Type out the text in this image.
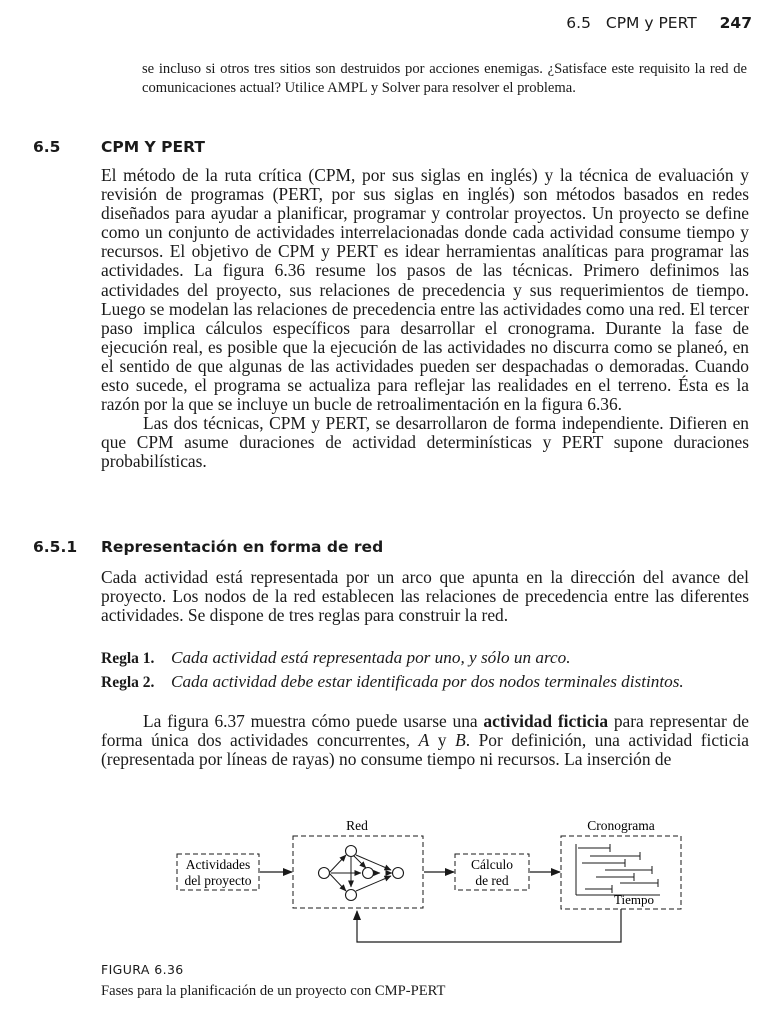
6.5 CPM y PERT 247
se incluso si otros tres sitios son destruidos por acciones enemigas. ¿Satisface este requisito la red de comunicaciones actual? Utilice AMPL y Solver para resolver el problema.
6.5	CPM Y PERT

El método de la ruta crítica (CPM, por sus siglas en inglés) y la técnica de evaluación y revisión de programas (PERT, por sus siglas en inglés) son métodos basados en redes diseñados para ayudar a planificar, programar y controlar proyectos. Un proyecto se define como un conjunto de actividades interrelacionadas donde cada actividad consume tiempo y recursos. El objetivo de CPM y PERT es idear herramientas analíticas para programar las actividades. La figura 6.36 resume los pasos de las técnicas. Primero definimos las actividades del proyecto, sus relaciones de precedencia y sus requerimientos de tiempo. Luego se modelan las relaciones de precedencia entre las actividades como una red. El tercer paso implica cálculos específicos para desarrollar el cronograma. Durante la fase de ejecución real, es posible que la ejecución de las actividades no discurra como se planeó, en el sentido de que algunas de las actividades pueden ser despachadas o demoradas. Cuando esto sucede, el programa se actualiza para reflejar las realidades en el terreno. Ésta es la razón por la que se incluye un bucle de retroalimentación en la figura 6.36.

Las dos técnicas, CPM y PERT, se desarrollaron de forma independiente. Difieren en que CPM asume duraciones de actividad determinísticas y PERT supone duraciones probabilísticas.

6.5.1 Representación en forma de red

Cada actividad está representada por un arco que apunta en la dirección del avance del proyecto. Los nodos de la red establecen las relaciones de precedencia entre las diferentes actividades. Se dispone de tres reglas para construir la red.

Regla 1. Cada actividad está representada por uno, y sólo un arco.
Regla 2. Cada actividad debe estar identificada por dos nodos terminales distintos.

La figura 6.37 muestra cómo puede usarse una actividad ficticia para representar de forma única dos actividades concurrentes, A y B. Por definición, una actividad ficticia (representada por líneas de rayas) no consume tiempo ni recursos. La inserción de

Actividades
del proyecto
Red
Cálculo
de red
Cronograma
Tiempo
FIGURA 6.36
Fases para la planificación de un proyecto con CMP-PERT
